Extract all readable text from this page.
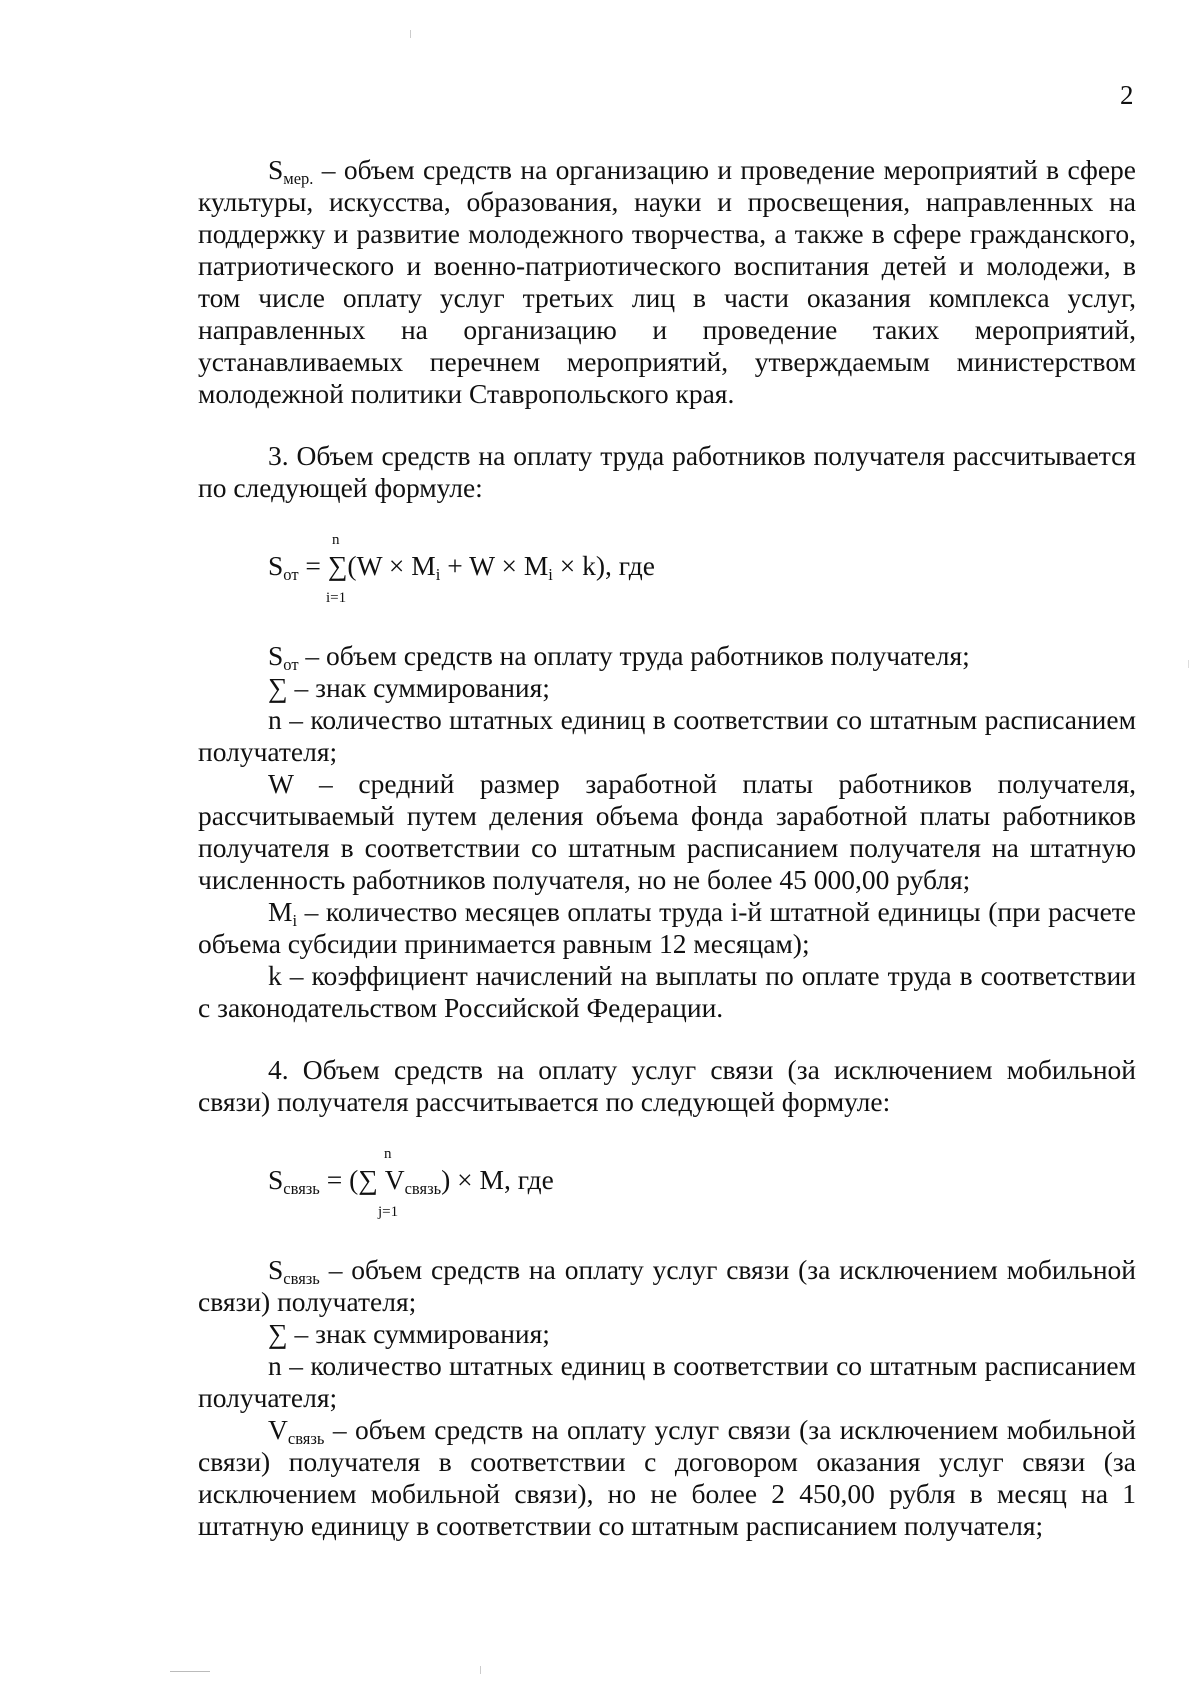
2

$S_{мер.}$ – объем средств на организацию и проведение мероприятий в сфере культуры, искусства, образования, науки и просвещения, направленных на поддержку и развитие молодежного творчества, а также в сфере гражданского, патриотического и военно-патриотического воспитания детей и молодежи, в том числе оплату услуг третьих лиц в части оказания комплекса услуг, направленных на организацию и проведение таких мероприятий, устанавливаемых перечнем мероприятий, утверждаемым министерством молодежной политики Ставропольского края.

3. Объем средств на оплату труда работников получателя рассчитывается по следующей формуле:

n
i=1
$S_{от} = \sum(W \times M_i + W \times M_i \times k)$, где

$S_{от}$ – объем средств на оплату труда работников получателя;

∑ – знак суммирования;

n – количество штатных единиц в соответствии со штатным расписанием получателя;

W – средний размер заработной платы работников получателя, рассчитываемый путем деления объема фонда заработной платы работников получателя в соответствии со штатным расписанием получателя на штатную численность работников получателя, но не более 45 000,00 рубля;

$M_i$ – количество месяцев оплаты труда i-й штатной единицы (при расчете объема субсидии принимается равным 12 месяцам);

k – коэффициент начислений на выплаты по оплате труда в соответствии с законодательством Российской Федерации.

4. Объем средств на оплату услуг связи (за исключением мобильной связи) получателя рассчитывается по следующей формуле:

n
j=1
$S_{связь}$ = (∑ $V_{связь}) \times M$, где

$S_{связь}$ – объем средств на оплату услуг связи (за исключением мобильной связи) получателя;

∑ – знак суммирования;

n – количество штатных единиц в соответствии со штатным расписанием получателя;

$V_{связь}$ – объем средств на оплату услуг связи (за исключением мобильной связи) получателя в соответствии с договором оказания услуг связи (за исключением мобильной связи), но не более 2 450,00 рубля в месяц на 1 штатную единицу в соответствии со штатным расписанием получателя;
